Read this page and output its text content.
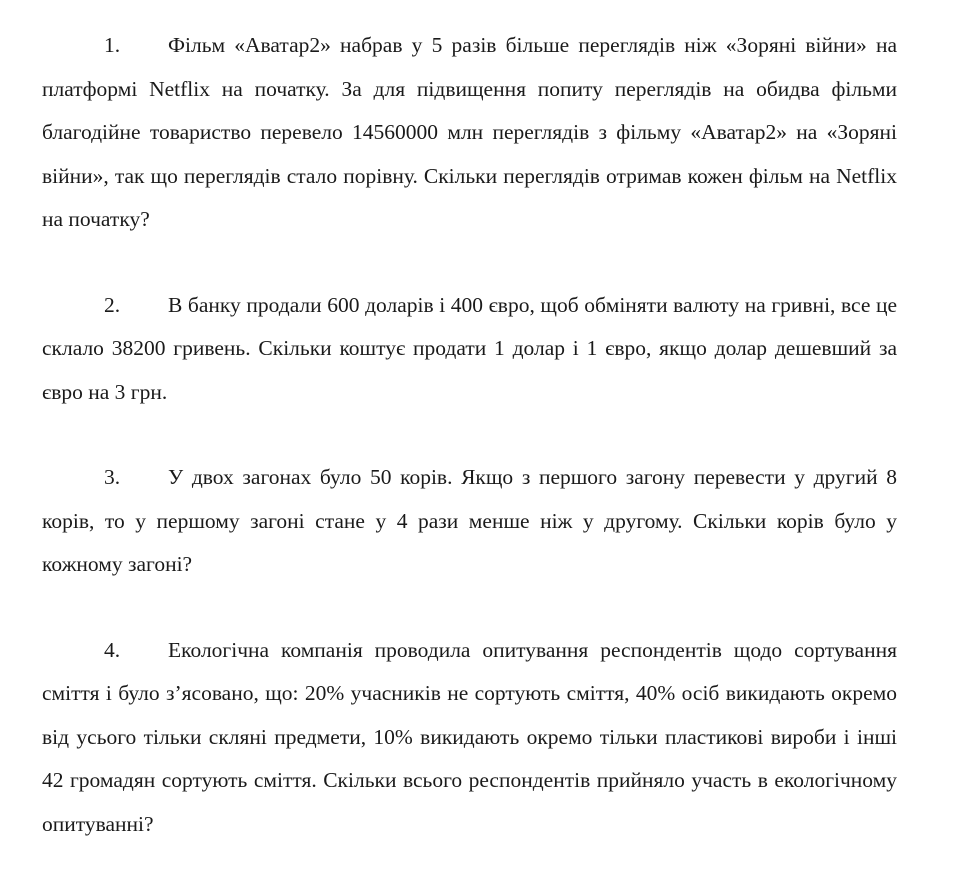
1. Фільм «Аватар2» набрав у 5 разів більше переглядів ніж «Зоряні війни» на платформі Netflix на початку. За для підвищення попиту переглядів на обидва фільми благодійне товариство перевело 14560000 млн переглядів з фільму «Аватар2» на «Зоряні війни», так що переглядів стало порівну. Скільки переглядів отримав кожен фільм на Netflix на початку?

2. В банку продали 600 доларів і 400 євро, щоб обміняти валюту на гривні, все це склало 38200 гривень. Скільки коштує продати 1 долар і 1 євро, якщо долар дешевший за євро на 3 грн.

3. У двох загонах було 50 корів. Якщо з першого загону перевести у другий 8 корів, то у першому загоні стане у 4 рази менше ніж у другому. Скільки корів було у кожному загоні?

4. Екологічна компанія проводила опитування респондентів щодо сортування сміття і було з’ясовано, що: 20% учасників не сортують сміття, 40% осіб викидають окремо від усього тільки скляні предмети, 10% викидають окремо тільки пластикові вироби і інші 42 громадян сортують сміття. Скільки всього респондентів прийняло участь в екологічному опитуванні?
